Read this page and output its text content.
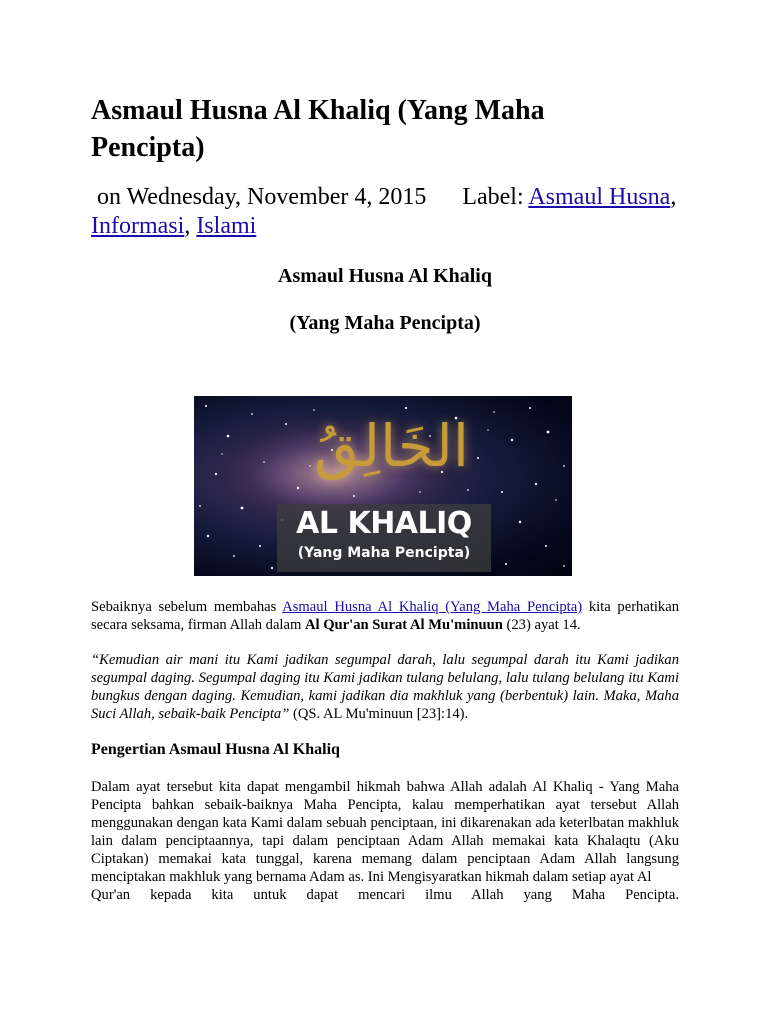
Asmaul Husna Al Khaliq (Yang Maha Pencipta)
on Wednesday, November 4, 2015 Label: Asmaul Husna, Informasi, Islami

Asmaul Husna Al Khaliq

(Yang Maha Pencipta)

Sebaiknya sebelum membahas Asmaul Husna Al Khaliq (Yang Maha Pencipta) kita perhatikan secara seksama, firman Allah dalam Al Qur'an Surat Al Mu'minuun (23) ayat 14.

“Kemudian air mani itu Kami jadikan segumpal darah, lalu segumpal darah itu Kami jadikan segumpal daging. Segumpal daging itu Kami jadikan tulang belulang, lalu tulang belulang itu Kami bungkus dengan daging. Kemudian, kami jadikan dia makhluk yang (berbentuk) lain. Maka, Maha Suci Allah, sebaik-baik Pencipta” (QS. AL Mu'minuun [23]:14).

Pengertian Asmaul Husna Al Khaliq

Dalam ayat tersebut kita dapat mengambil hikmah bahwa Allah adalah Al Khaliq - Yang Maha Pencipta bahkan sebaik-baiknya Maha Pencipta, kalau memperhatikan ayat tersebut Allah menggunakan dengan kata Kami dalam sebuah penciptaan, ini dikarenakan ada keterlbatan makhluk lain dalam penciptaannya, tapi dalam penciptaan Adam Allah memakai kata Khalaqtu (Aku Ciptakan) memakai kata tunggal, karena memang dalam penciptaan Adam Allah langsung menciptakan makhluk yang bernama Adam as. Ini Mengisyaratkan hikmah dalam setiap ayat Al
Qur'an kepada kita untuk dapat mencari ilmu Allah yang Maha Pencipta.

الخَالِقُ
AL KHALIQ
(Yang Maha Pencipta)
